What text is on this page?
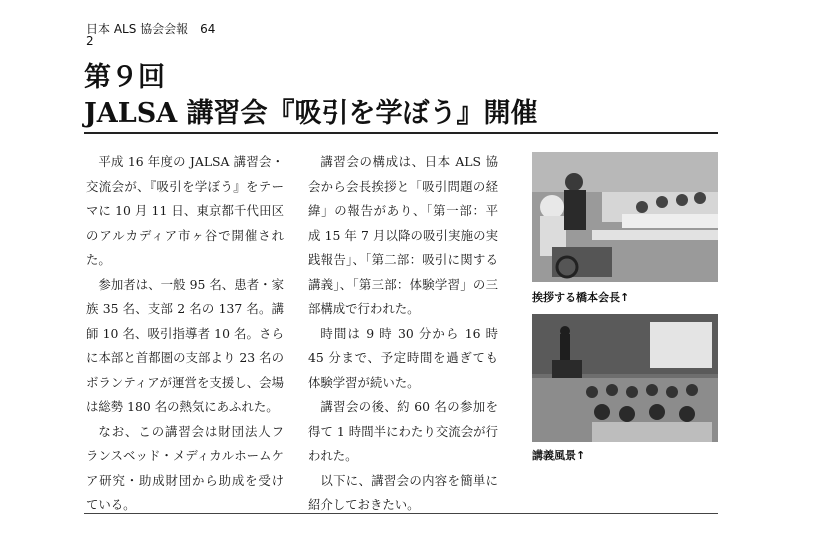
日本 ALS 協会会報　64
2
第９回
JALSA 講習会『吸引を学ぼう』開催

平成 16 年度の JALSA 講習会・交流会が、『吸引を学ぼう』をテーマに 10 月 11 日、東京都千代田区のアルカディア市ヶ谷で開催された。

参加者は、一般 95 名、患者・家族 35 名、支部 2 名の 137 名。講師 10 名、吸引指導者 10 名。さらに本部と首都圏の支部より 23 名のボランティアが運営を支援し、会場は総勢 180 名の熱気にあふれた。

なお、この講習会は財団法人フランスベッド・メディカルホームケア研究・助成財団から助成を受けている。

講習会の構成は、日本 ALS 協会から会長挨拶と「吸引問題の経緯」の報告があり、「第一部：平成 15 年 7 月以降の吸引実施の実践報告」、「第二部：吸引に関する講義」、「第三部：体験学習」の三部構成で行われた。

時間は 9 時 30 分から 16 時 45 分まで、予定時間を過ぎても体験学習が続いた。

講習会の後、約 60 名の参加を得て 1 時間半にわたり交流会が行われた。

以下に、講習会の内容を簡単に紹介しておきたい。

挨拶する橋本会長↑
講義風景↑
